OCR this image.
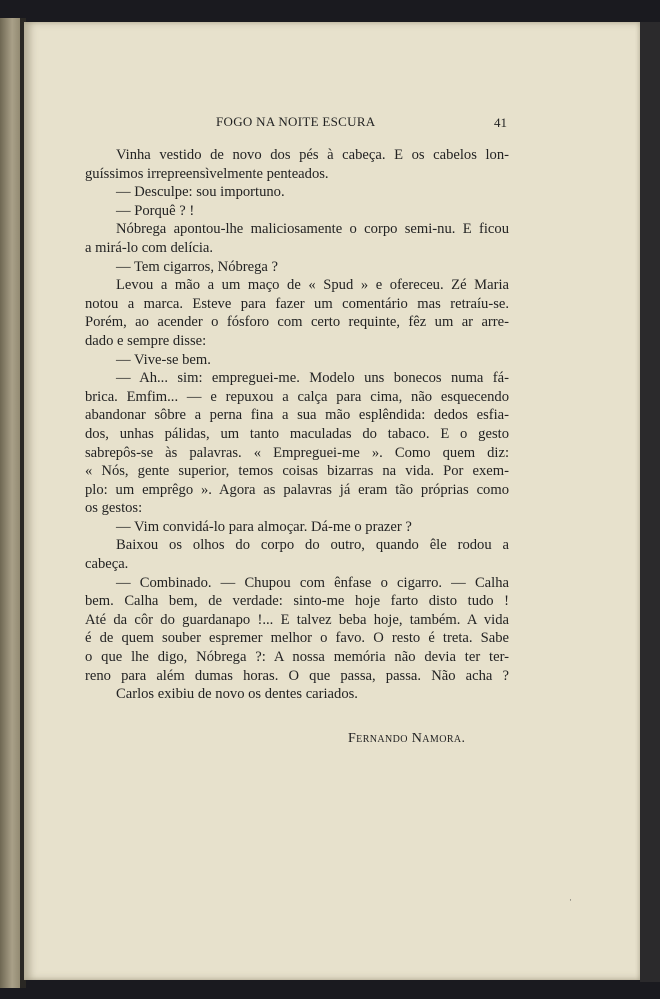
FOGO NA NOITE ESCURA	41
Vinha vestido de novo dos pés à cabeça. E os cabelos lon-
guíssimos irrepreensìvelmente penteados.
— Desculpe: sou importuno.
— Porquê ? !
Nóbrega apontou-lhe maliciosamente o corpo semi-nu. E ficou
a mirá-lo com delícia.
— Tem cigarros, Nóbrega ?
Levou a mão a um maço de « Spud » e ofereceu. Zé Maria
notou a marca. Esteve para fazer um comentário mas retraíu-se.
Porém, ao acender o fósforo com certo requinte, fêz um ar arre-
dado e sempre disse:
— Vive-se bem.
— Ah... sim: empreguei-me. Modelo uns bonecos numa fá-
brica. Emfim... — e repuxou a calça para cima, não esquecendo
abandonar sôbre a perna fina a sua mão esplêndida: dedos esfia-
dos, unhas pálidas, um tanto maculadas do tabaco. E o gesto
sabrepôs-se às palavras. « Empreguei-me ». Como quem diz:
« Nós, gente superior, temos coisas bizarras na vida. Por exem-
plo: um emprêgo ». Agora as palavras já eram tão próprias como
os gestos:
— Vim convidá-lo para almoçar. Dá-me o prazer ?
Baixou os olhos do corpo do outro, quando êle rodou a
cabeça.
— Combinado. — Chupou com ênfase o cigarro. — Calha
bem. Calha bem, de verdade: sinto-me hoje farto disto tudo !
Até da côr do guardanapo !... E talvez beba hoje, também. A vida
é de quem souber espremer melhor o favo. O resto é treta. Sabe
o que lhe digo, Nóbrega ?: A nossa memória não devia ter ter-
reno para além dumas horas. O que passa, passa. Não acha ?
Carlos exibiu de novo os dentes cariados.
Fernando Namora.
·
